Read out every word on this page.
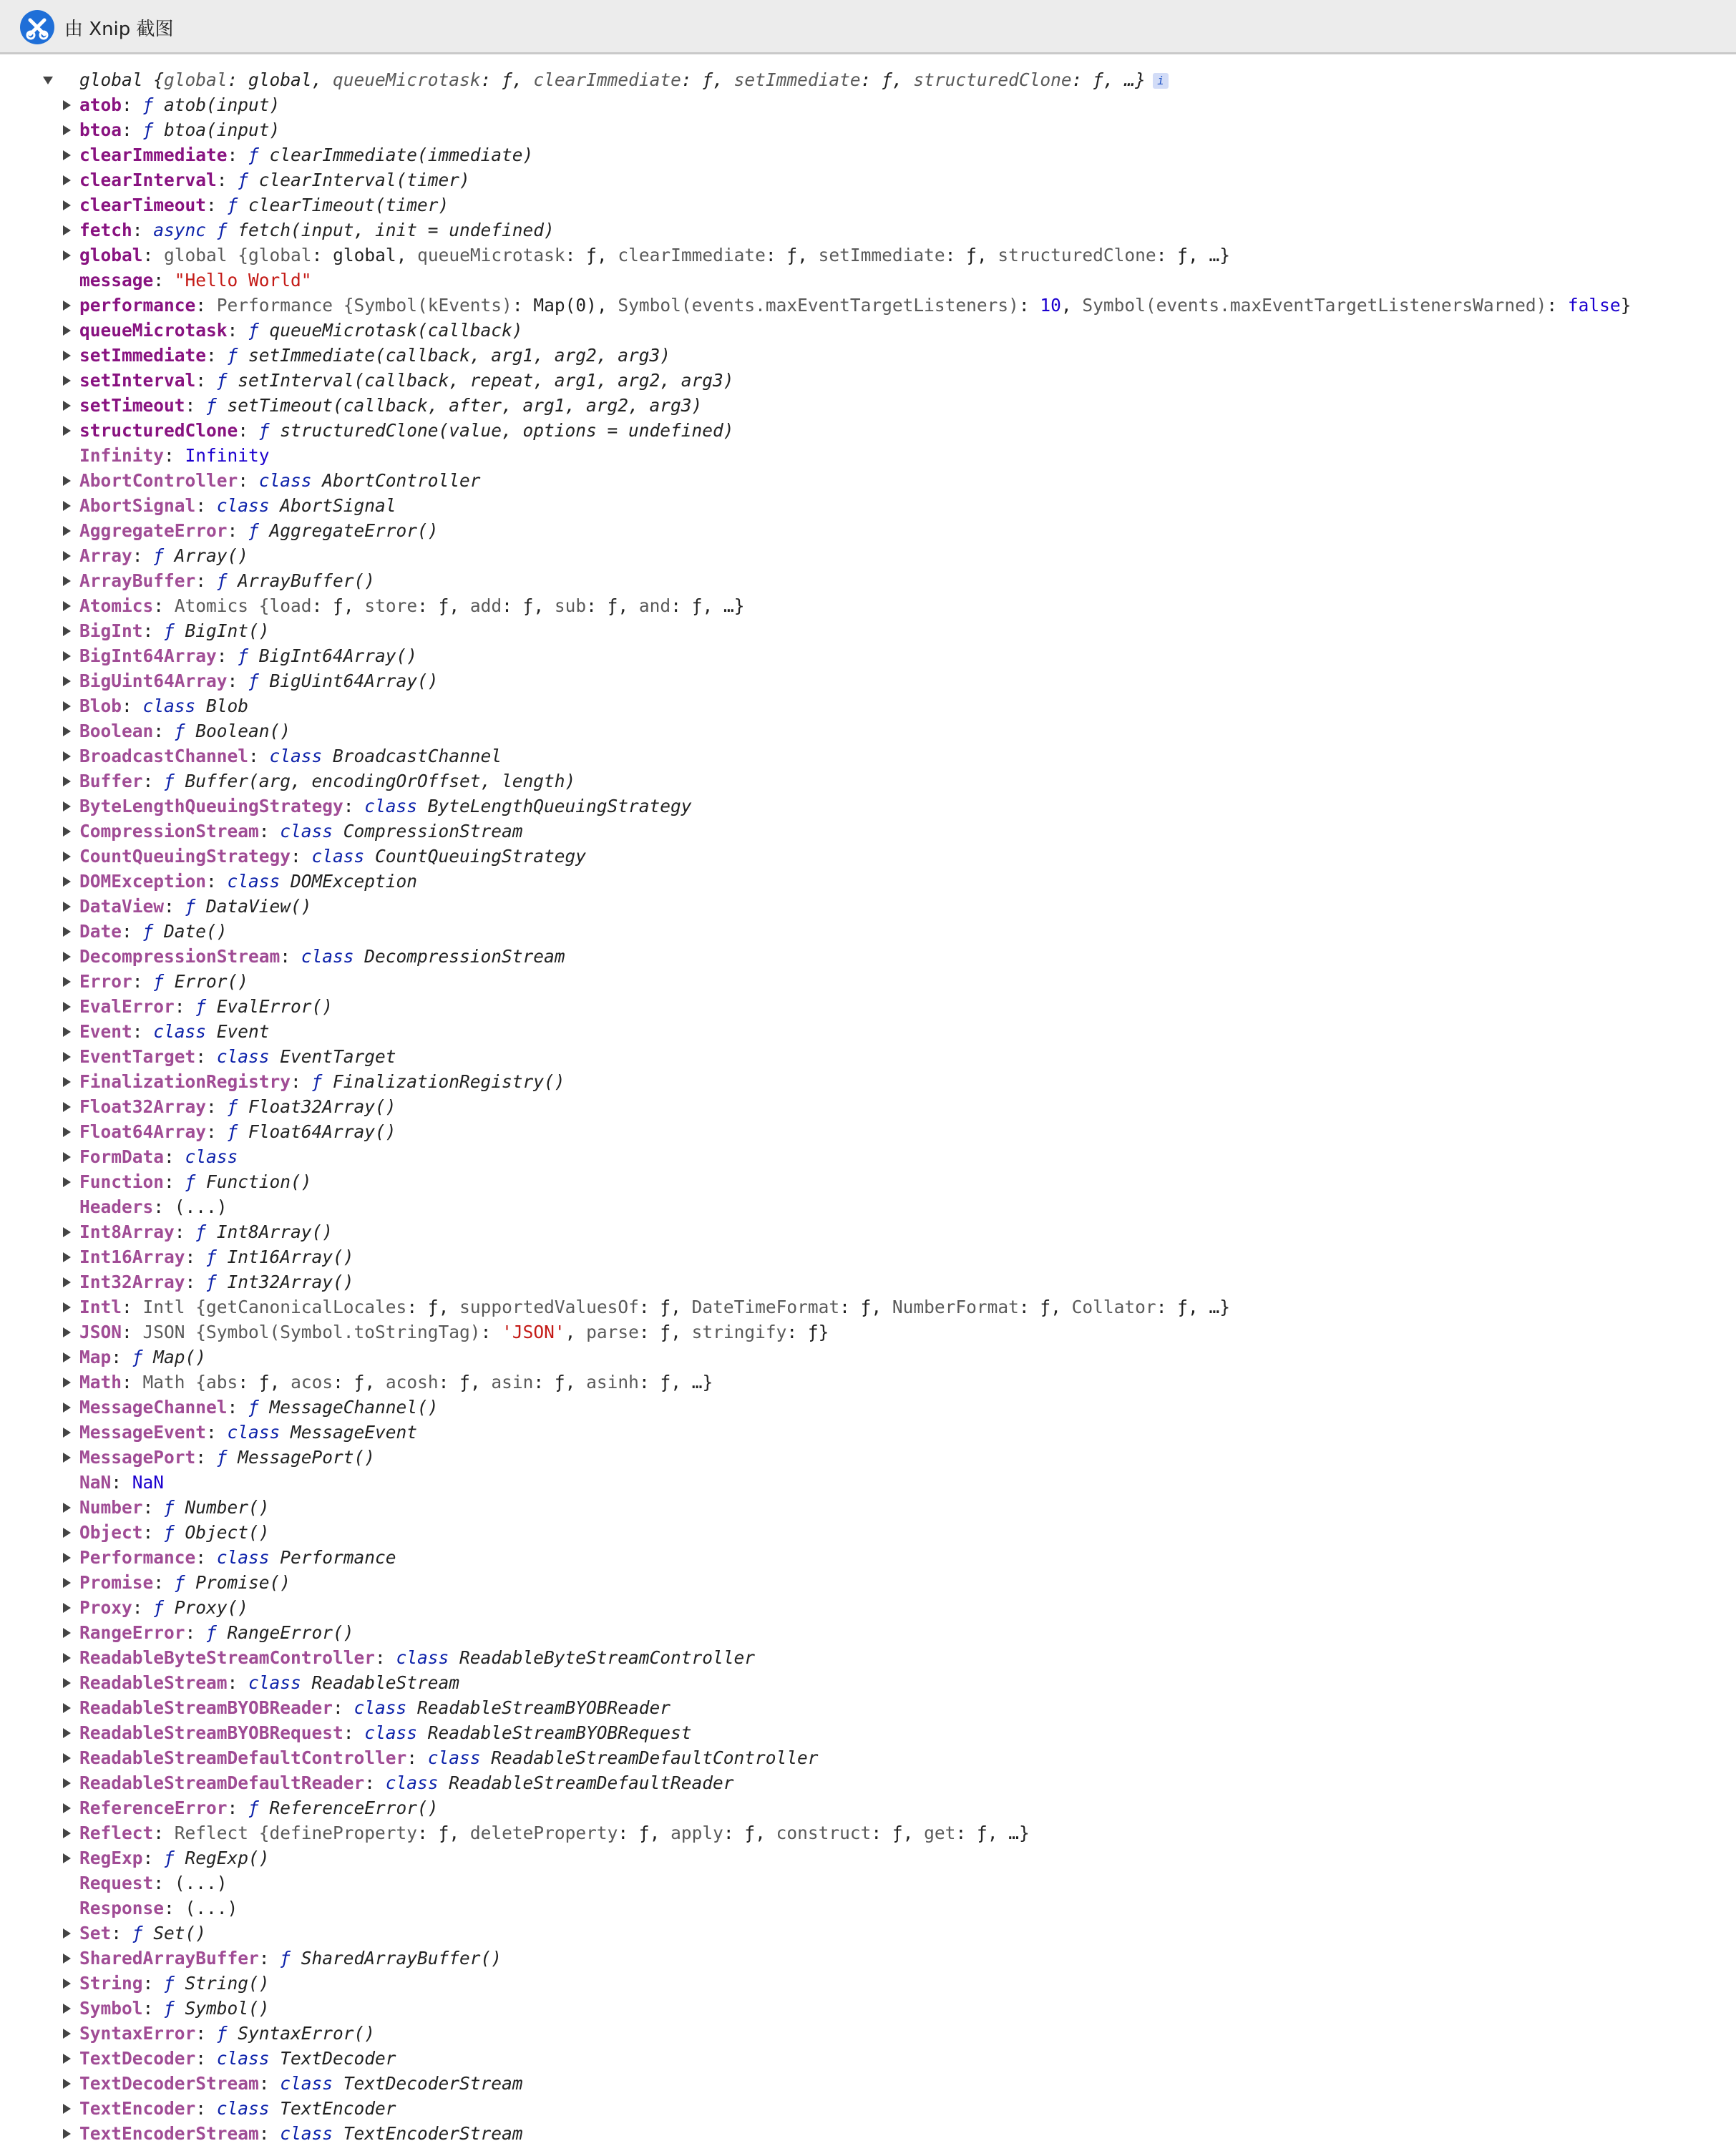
由 Xnip 截图

global {global: global, queueMicrotask: ƒ, clearImmediate: ƒ, setImmediate: ƒ, structuredClone: ƒ, …} i

atob: ƒ atob(input)
btoa: ƒ btoa(input)
clearImmediate: ƒ clearImmediate(immediate)
clearInterval: ƒ clearInterval(timer)
clearTimeout: ƒ clearTimeout(timer)
fetch: async ƒ fetch(input, init = undefined)
global: global {global: global, queueMicrotask: ƒ, clearImmediate: ƒ, setImmediate: ƒ, structuredClone: ƒ, …}
message: "Hello World"
performance: Performance {Symbol(kEvents): Map(0), Symbol(events.maxEventTargetListeners): 10, Symbol(events.maxEventTargetListenersWarned): false}
queueMicrotask: ƒ queueMicrotask(callback)
setImmediate: ƒ setImmediate(callback, arg1, arg2, arg3)
setInterval: ƒ setInterval(callback, repeat, arg1, arg2, arg3)
setTimeout: ƒ setTimeout(callback, after, arg1, arg2, arg3)
structuredClone: ƒ structuredClone(value, options = undefined)
Infinity: Infinity
AbortController: class AbortController
AbortSignal: class AbortSignal
AggregateError: ƒ AggregateError()
Array: ƒ Array()
ArrayBuffer: ƒ ArrayBuffer()
Atomics: Atomics {load: ƒ, store: ƒ, add: ƒ, sub: ƒ, and: ƒ, …}
BigInt: ƒ BigInt()
BigInt64Array: ƒ BigInt64Array()
BigUint64Array: ƒ BigUint64Array()
Blob: class Blob
Boolean: ƒ Boolean()
BroadcastChannel: class BroadcastChannel
Buffer: ƒ Buffer(arg, encodingOrOffset, length)
ByteLengthQueuingStrategy: class ByteLengthQueuingStrategy
CompressionStream: class CompressionStream
CountQueuingStrategy: class CountQueuingStrategy
DOMException: class DOMException
DataView: ƒ DataView()
Date: ƒ Date()
DecompressionStream: class DecompressionStream
Error: ƒ Error()
EvalError: ƒ EvalError()
Event: class Event
EventTarget: class EventTarget
FinalizationRegistry: ƒ FinalizationRegistry()
Float32Array: ƒ Float32Array()
Float64Array: ƒ Float64Array()
FormData: class
Function: ƒ Function()
Headers: (...)
Int8Array: ƒ Int8Array()
Int16Array: ƒ Int16Array()
Int32Array: ƒ Int32Array()
Intl: Intl {getCanonicalLocales: ƒ, supportedValuesOf: ƒ, DateTimeFormat: ƒ, NumberFormat: ƒ, Collator: ƒ, …}
JSON: JSON {Symbol(Symbol.toStringTag): 'JSON', parse: ƒ, stringify: ƒ}
Map: ƒ Map()
Math: Math {abs: ƒ, acos: ƒ, acosh: ƒ, asin: ƒ, asinh: ƒ, …}
MessageChannel: ƒ MessageChannel()
MessageEvent: class MessageEvent
MessagePort: ƒ MessagePort()
NaN: NaN
Number: ƒ Number()
Object: ƒ Object()
Performance: class Performance
Promise: ƒ Promise()
Proxy: ƒ Proxy()
RangeError: ƒ RangeError()
ReadableByteStreamController: class ReadableByteStreamController
ReadableStream: class ReadableStream
ReadableStreamBYOBReader: class ReadableStreamBYOBReader
ReadableStreamBYOBRequest: class ReadableStreamBYOBRequest
ReadableStreamDefaultController: class ReadableStreamDefaultController
ReadableStreamDefaultReader: class ReadableStreamDefaultReader
ReferenceError: ƒ ReferenceError()
Reflect: Reflect {defineProperty: ƒ, deleteProperty: ƒ, apply: ƒ, construct: ƒ, get: ƒ, …}
RegExp: ƒ RegExp()
Request: (...)
Response: (...)
Set: ƒ Set()
SharedArrayBuffer: ƒ SharedArrayBuffer()
String: ƒ String()
Symbol: ƒ Symbol()
SyntaxError: ƒ SyntaxError()
TextDecoder: class TextDecoder
TextDecoderStream: class TextDecoderStream
TextEncoder: class TextEncoder
TextEncoderStream: class TextEncoderStream
